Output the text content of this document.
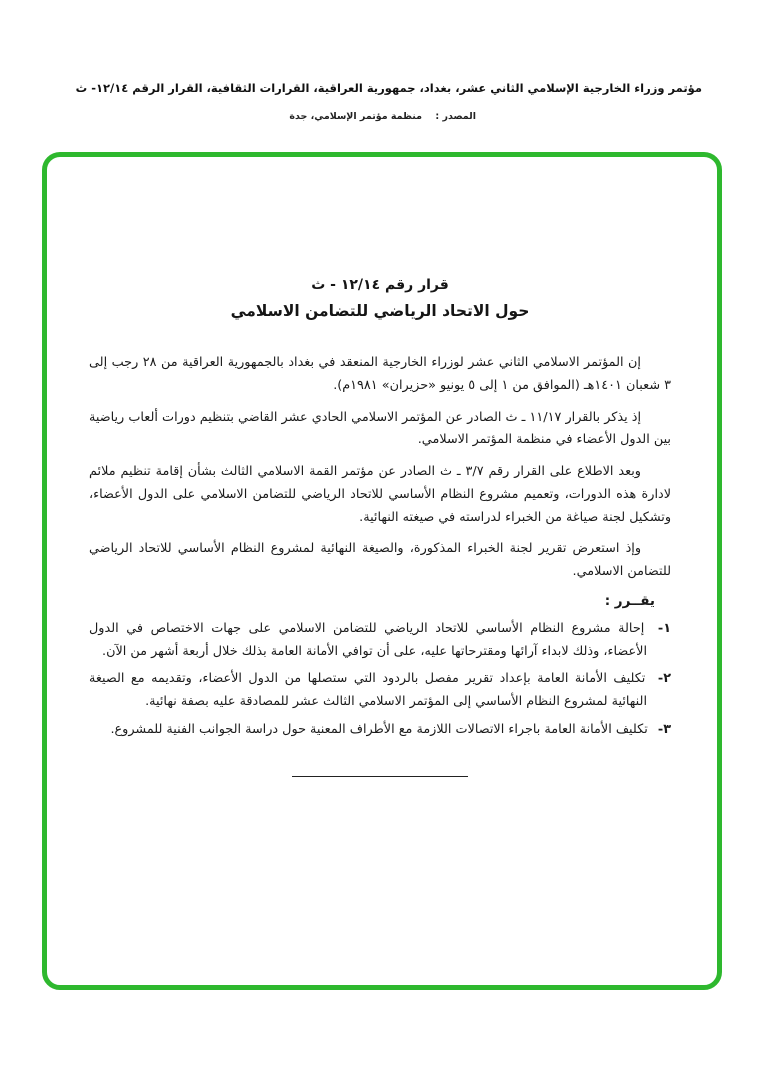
مؤتمر وزراء الخارجية الإسلامي الثاني عشر، بغداد، جمهورية العراقية، القرارات الثقافية، القرار الرقم ١٢/١٤- ث
المصدر : منظمة مؤتمر الإسلامي، جدة
قرار رقم ١٢/١٤ - ث
حول الاتحاد الرياضي للتضامن الاسلامي

إن المؤتمر الاسلامي الثاني عشر لوزراء الخارجية المنعقد في بغداد بالجمهورية العراقية من ٢٨ رجب إلى ٣ شعبان ١٤٠١هـ (الموافق من ١ إلى ٥ يونيو «حزيران» ١٩٨١م).

إذ يذكر بالقرار ١١/١٧ ـ ث الصادر عن المؤتمر الاسلامي الحادي عشر القاضي بتنظيم دورات ألعاب رياضية بين الدول الأعضاء في منظمة المؤتمر الاسلامي.

وبعد الاطلاع على القرار رقم ٣/٧ ـ ث الصادر عن مؤتمر القمة الاسلامي الثالث بشأن إقامة تنظيم ملائم لادارة هذه الدورات، وتعميم مشروع النظام الأساسي للاتحاد الرياضي للتضامن الاسلامي على الدول الأعضاء، وتشكيل لجنة صياغة من الخبراء لدراسته في صيغته النهائية.

وإذ استعرض تقرير لجنة الخبراء المذكورة، والصيغة النهائية لمشروع النظام الأساسي للاتحاد الرياضي للتضامن الاسلامي.

يقــرر :
١- إحالة مشروع النظام الأساسي للاتحاد الرياضي للتضامن الاسلامي على جهات الاختصاص في الدول الأعضاء، وذلك لابداء آرائها ومقترحاتها عليه، على أن توافي الأمانة العامة بذلك خلال أربعة أشهر من الآن.
٢- تكليف الأمانة العامة بإعداد تقرير مفصل بالردود التي ستصلها من الدول الأعضاء، وتقديمه مع الصيغة النهائية لمشروع النظام الأساسي إلى المؤتمر الاسلامي الثالث عشر للمصادقة عليه بصفة نهائية.
٣- تكليف الأمانة العامة باجراء الاتصالات اللازمة مع الأطراف المعنية حول دراسة الجوانب الفنية للمشروع.
